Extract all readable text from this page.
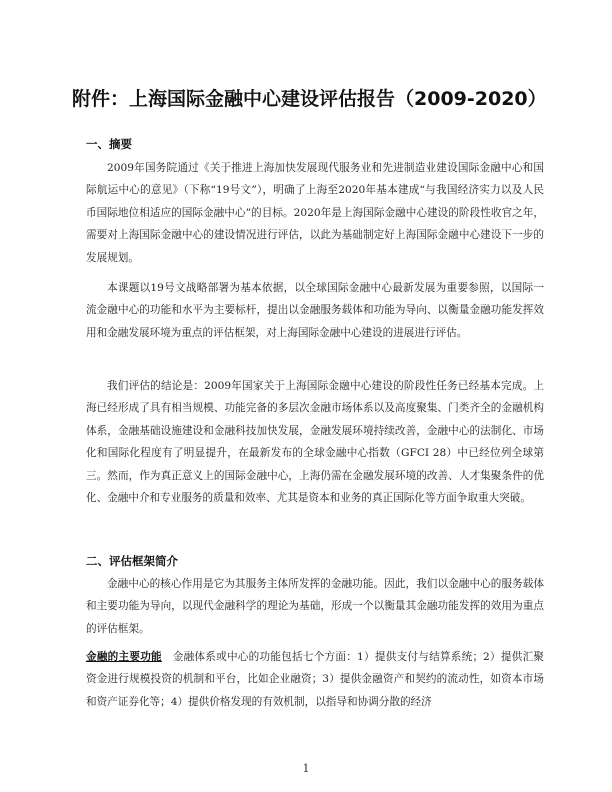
附件：上海国际金融中心建设评估报告（2009-2020）
一、摘要

2009年国务院通过《关于推进上海加快发展现代服务业和先进制造业建设国际金融中心和国际航运中心的意见》（下称“19号文”），明确了上海至2020年基本建成“与我国经济实力以及人民币国际地位相适应的国际金融中心”的目标。2020年是上海国际金融中心建设的阶段性收官之年，需要对上海国际金融中心的建设情况进行评估，以此为基础制定好上海国际金融中心建设下一步的发展规划。

本课题以19号文战略部署为基本依据，以全球国际金融中心最新发展为重要参照，以国际一流金融中心的功能和水平为主要标杆，提出以金融服务载体和功能为导向、以衡量金融功能发挥效用和金融发展环境为重点的评估框架，对上海国际金融中心建设的进展进行评估。

我们评估的结论是：2009年国家关于上海国际金融中心建设的阶段性任务已经基本完成。上海已经形成了具有相当规模、功能完备的多层次金融市场体系以及高度聚集、门类齐全的金融机构体系，金融基础设施建设和金融科技加快发展，金融发展环境持续改善，金融中心的法制化、市场化和国际化程度有了明显提升，在最新发布的全球金融中心指数（GFCI 28）中已经位列全球第三。然而，作为真正意义上的国际金融中心，上海仍需在金融发展环境的改善、人才集聚条件的优化、金融中介和专业服务的质量和效率、尤其是资本和业务的真正国际化等方面争取重大突破。

二、评估框架简介

金融中心的核心作用是它为其服务主体所发挥的金融功能。因此，我们以金融中心的服务载体和主要功能为导向，以现代金融科学的理论为基础，形成一个以衡量其金融功能发挥的效用为重点的评估框架。

金融的主要功能　金融体系或中心的功能包括七个方面：1）提供支付与结算系统；2）提供汇聚资金进行规模投资的机制和平台，比如企业融资；3）提供金融资产和契约的流动性，如资本市场和资产证券化等；4）提供价格发现的有效机制，以指导和协调分散的经济

1
